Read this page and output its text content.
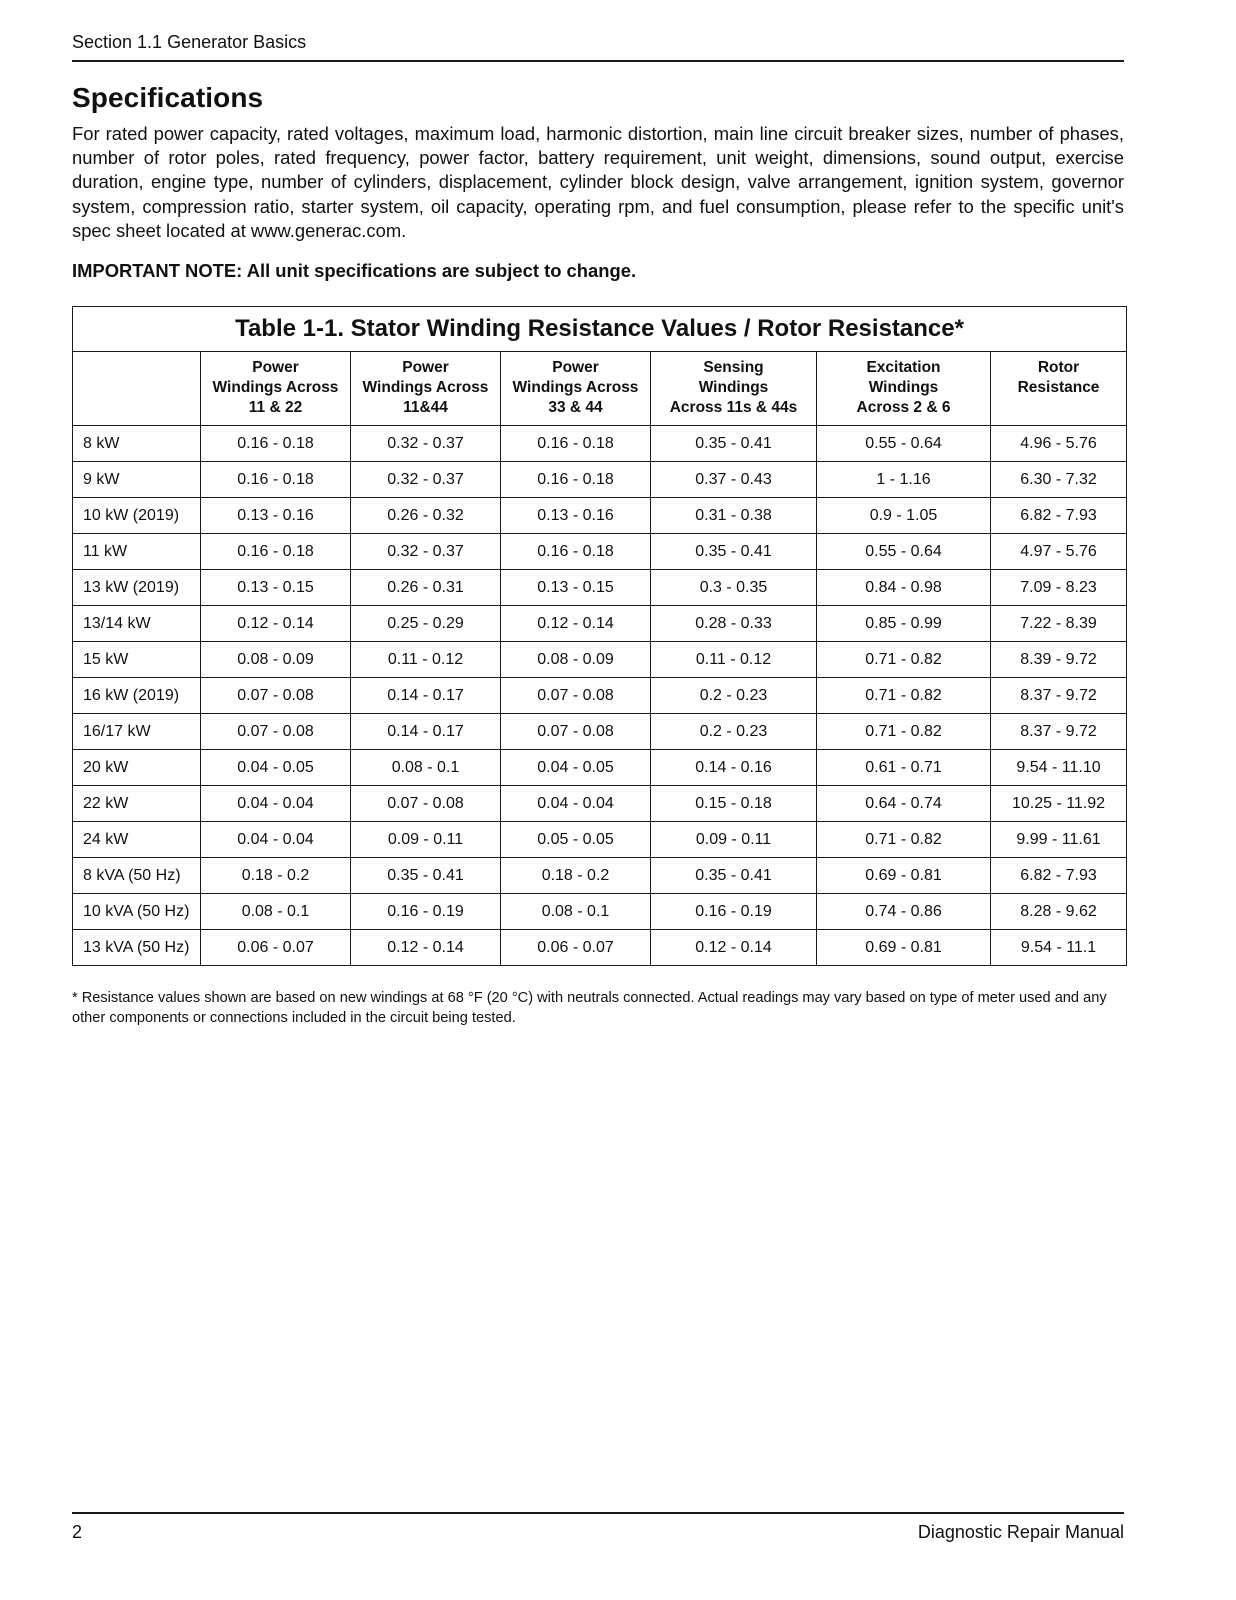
Section 1.1 Generator Basics
Specifications

For rated power capacity, rated voltages, maximum load, harmonic distortion, main line circuit breaker sizes, number of phases, number of rotor poles, rated frequency, power factor, battery requirement, unit weight, dimensions, sound output, exercise duration, engine type, number of cylinders, displacement, cylinder block design, valve arrangement, ignition system, governor system, compression ratio, starter system, oil capacity, operating rpm, and fuel consumption, please refer to the specific unit's spec sheet located at www.generac.com.

IMPORTANT NOTE: All unit specifications are subject to change.

Table 1-1. Stator Winding Resistance Values / Rotor Resistance*						
	Power
Windings Across
11 & 22	Power
Windings Across
11&44	Power
Windings Across
33 & 44	Sensing
Windings
Across 11s & 44s	Excitation
Windings
Across 2 & 6	Rotor
Resistance
8 kW	0.16 - 0.18	0.32 - 0.37	0.16 - 0.18	0.35 - 0.41	0.55 - 0.64	4.96 - 5.76
9 kW	0.16 - 0.18	0.32 - 0.37	0.16 - 0.18	0.37 - 0.43	1 - 1.16	6.30 - 7.32
10 kW (2019)	0.13 - 0.16	0.26 - 0.32	0.13 - 0.16	0.31 - 0.38	0.9 - 1.05	6.82 - 7.93
11 kW	0.16 - 0.18	0.32 - 0.37	0.16 - 0.18	0.35 - 0.41	0.55 - 0.64	4.97 - 5.76
13 kW (2019)	0.13 - 0.15	0.26 - 0.31	0.13 - 0.15	0.3 - 0.35	0.84 - 0.98	7.09 - 8.23
13/14 kW	0.12 - 0.14	0.25 - 0.29	0.12 - 0.14	0.28 - 0.33	0.85 - 0.99	7.22 - 8.39
15 kW	0.08 - 0.09	0.11 - 0.12	0.08 - 0.09	0.11 - 0.12	0.71 - 0.82	8.39 - 9.72
16 kW (2019)	0.07 - 0.08	0.14 - 0.17	0.07 - 0.08	0.2 - 0.23	0.71 - 0.82	8.37 - 9.72
16/17 kW	0.07 - 0.08	0.14 - 0.17	0.07 - 0.08	0.2 - 0.23	0.71 - 0.82	8.37 - 9.72
20 kW	0.04 - 0.05	0.08 - 0.1	0.04 - 0.05	0.14 - 0.16	0.61 - 0.71	9.54 - 11.10
22 kW	0.04 - 0.04	0.07 - 0.08	0.04 - 0.04	0.15 - 0.18	0.64 - 0.74	10.25 - 11.92
24 kW	0.04 - 0.04	0.09 - 0.11	0.05 - 0.05	0.09 - 0.11	0.71 - 0.82	9.99 - 11.61
8 kVA (50 Hz)	0.18 - 0.2	0.35 - 0.41	0.18 - 0.2	0.35 - 0.41	0.69 - 0.81	6.82 - 7.93
10 kVA (50 Hz)	0.08 - 0.1	0.16 - 0.19	0.08 - 0.1	0.16 - 0.19	0.74 - 0.86	8.28 - 9.62
13 kVA (50 Hz)	0.06 - 0.07	0.12 - 0.14	0.06 - 0.07	0.12 - 0.14	0.69 - 0.81	9.54 - 11.1

* Resistance values shown are based on new windings at 68 °F (20 °C) with neutrals connected. Actual readings may vary based on type of meter used and any other components or connections included in the circuit being tested.

2	Diagnostic Repair Manual
